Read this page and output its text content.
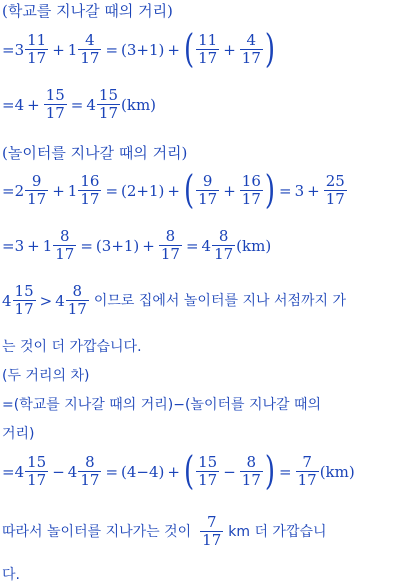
(학교를 지나갈 때의 거리)
= $3 \frac{11}{17} + 1 \frac{4}{17} = (3+1)$ + ( $\frac{11}{17} + \frac{4}{17}$ )
= $4 + \frac{15}{17} = 4 \frac{15}{17} (km)$
(놀이터를 지나갈 때의 거리)
= $2 \frac{9}{17} + 1 \frac{16}{17} = (2+1)$ + ( $\frac{9}{17} + \frac{16}{17}$ ) = $3 + \frac{25}{17}$
= $3 + 1 \frac{8}{17} = (3+1) + \frac{8}{17} = 4 \frac{8}{17} (km)$
$4 \frac{15}{17} > 4 \frac{8}{17}$ 이므로 집에서 놀이터를 지나 서점까지 가
는 것이 더 가깝습니다.
(두 거리의 차)
=(학교를 지나갈 때의 거리)−(놀이터를 지나갈 때의
거리)
= $4 \frac{15}{17} - 4 \frac{8}{17} = (4-4)$ + ( $\frac{15}{17} - \frac{8}{17}$ ) = $\frac{7}{17} (km)$
따라서 놀이터를 지나가는 것이 $\frac{7}{17}$ km 더 가깝습니
다.
